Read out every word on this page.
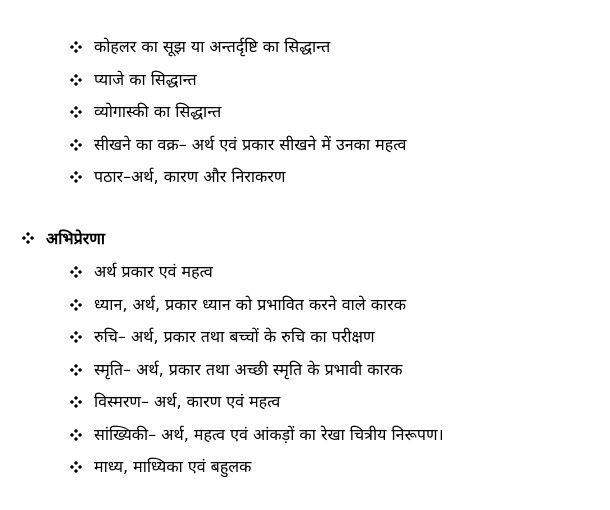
कोहलर का सूझ या अन्तर्दृष्टि का सिद्धान्त
प्याजे का सिद्धान्त
व्योगास्की का सिद्धान्त
सीखने का वक्र– अर्थ एवं प्रकार सीखने में उनका महत्व
पठार–अर्थ, कारण और निराकरण
अभिप्रेरणा
अर्थ प्रकार एवं महत्व
ध्यान, अर्थ, प्रकार ध्यान को प्रभावित करने वाले कारक
रुचि– अर्थ, प्रकार तथा बच्चों के रुचि का परीक्षण
स्मृति– अर्थ, प्रकार तथा अच्छी स्मृति के प्रभावी कारक
विस्मरण– अर्थ, कारण एवं महत्व
सांख्यिकी– अर्थ, महत्व एवं आंकड़ों का रेखा चित्रीय निरूपण।
माध्य, माध्यिका एवं बहुलक
